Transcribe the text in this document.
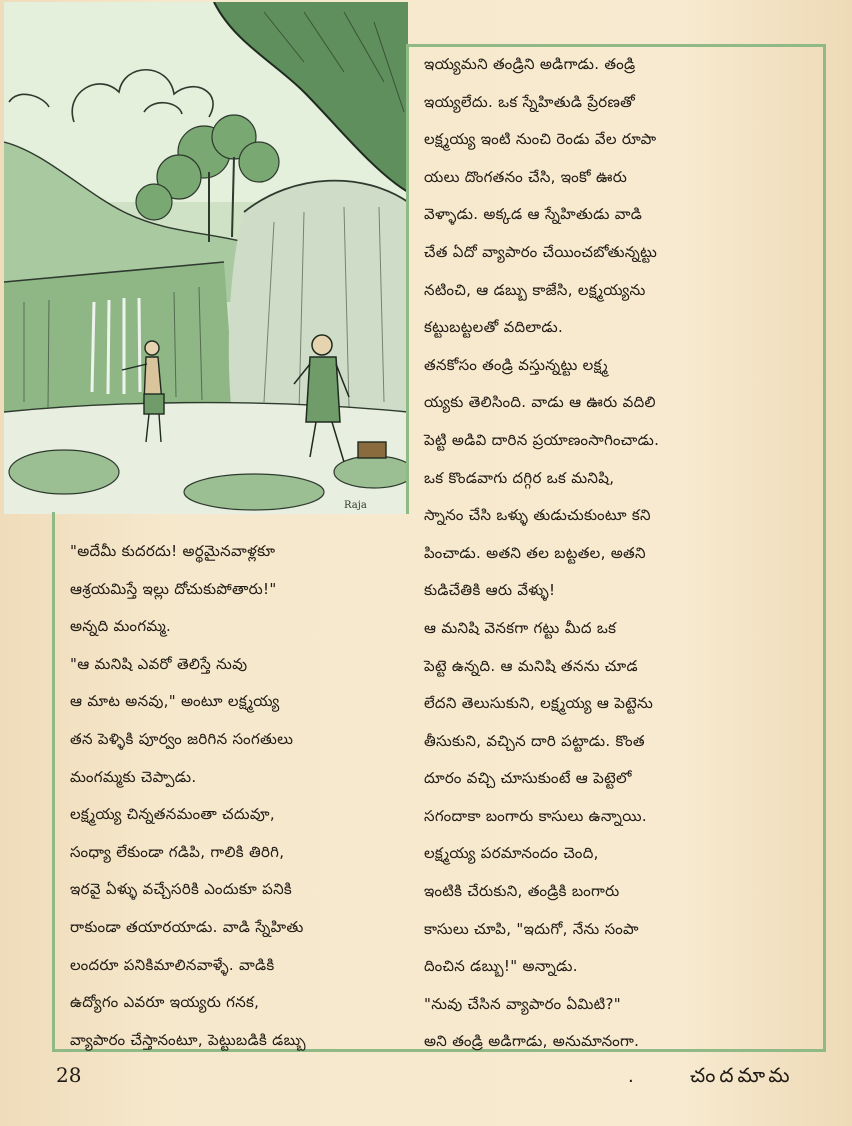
Raja
ఇయ్యమని తండ్రిని అడిగాడు. తండ్రి
ఇయ్యలేదు. ఒక స్నేహితుడి ప్రేరణతో
లక్ష్మయ్య ఇంటి నుంచి రెండు వేల రూపా
యలు దొంగతనం చేసి, ఇంకో ఊరు
వెళ్ళాడు. అక్కడ ఆ స్నేహితుడు వాడి
చేత ఏదో వ్యాపారం చేయించబోతున్నట్టు
నటించి, ఆ డబ్బు కాజేసి, లక్ష్మయ్యను
కట్టుబట్టలతో వదిలాడు.
తనకోసం తండ్రి వస్తున్నట్టు లక్ష్మ
య్యకు తెలిసింది. వాడు ఆ ఊరు వదిలి
పెట్టి అడివి దారిన ప్రయాణంసాగించాడు.
ఒక కొండవాగు దగ్గిర ఒక మనిషి,
స్నానం చేసి ఒళ్ళు తుడుచుకుంటూ కని
పించాడు. అతని తల బట్టతల, అతని
కుడిచేతికి ఆరు వేళ్ళు!
ఆ మనిషి వెనకగా గట్టు మీద ఒక
పెట్టె ఉన్నది. ఆ మనిషి తనను చూడ
లేదని తెలుసుకుని, లక్ష్మయ్య ఆ పెట్టెను
తీసుకుని, వచ్చిన దారి పట్టాడు. కొంత
దూరం వచ్చి చూసుకుంటే ఆ పెట్టెలో
సగందాకా బంగారు కాసులు ఉన్నాయి.
లక్ష్మయ్య పరమానందం చెంది,
ఇంటికి చేరుకుని, తండ్రికి బంగారు
కాసులు చూపి, "ఇదుగో, నేను సంపా
దించిన డబ్బు!" అన్నాడు.
"నువు చేసిన వ్యాపారం ఏమిటి?"
అని తండ్రి అడిగాడు, అనుమానంగా.
"అదేమీ కుదరదు! అర్థమైనవాళ్లకూ
ఆశ్రయమిస్తే ఇల్లు దోచుకుపోతారు!"
అన్నది మంగమ్మ.
"ఆ మనిషి ఎవరో తెలిస్తే నువు
ఆ మాట అనవు," అంటూ లక్ష్మయ్య
తన పెళ్ళికి పూర్వం జరిగిన సంగతులు
మంగమ్మకు చెప్పాడు.
లక్ష్మయ్య చిన్నతనమంతా చదువూ,
సంధ్యా లేకుండా గడిపి, గాలికి తిరిగి,
ఇరవై ఏళ్ళు వచ్చేసరికి ఎందుకూ పనికి
రాకుండా తయారయాడు. వాడి స్నేహితు
లందరూ పనికిమాలినవాళ్ళే. వాడికి
ఉద్యోగం ఎవరూ ఇయ్యరు గనక,
వ్యాపారం చేస్తానంటూ, పెట్టుబడికి డబ్బు
28	.	చందమామ
